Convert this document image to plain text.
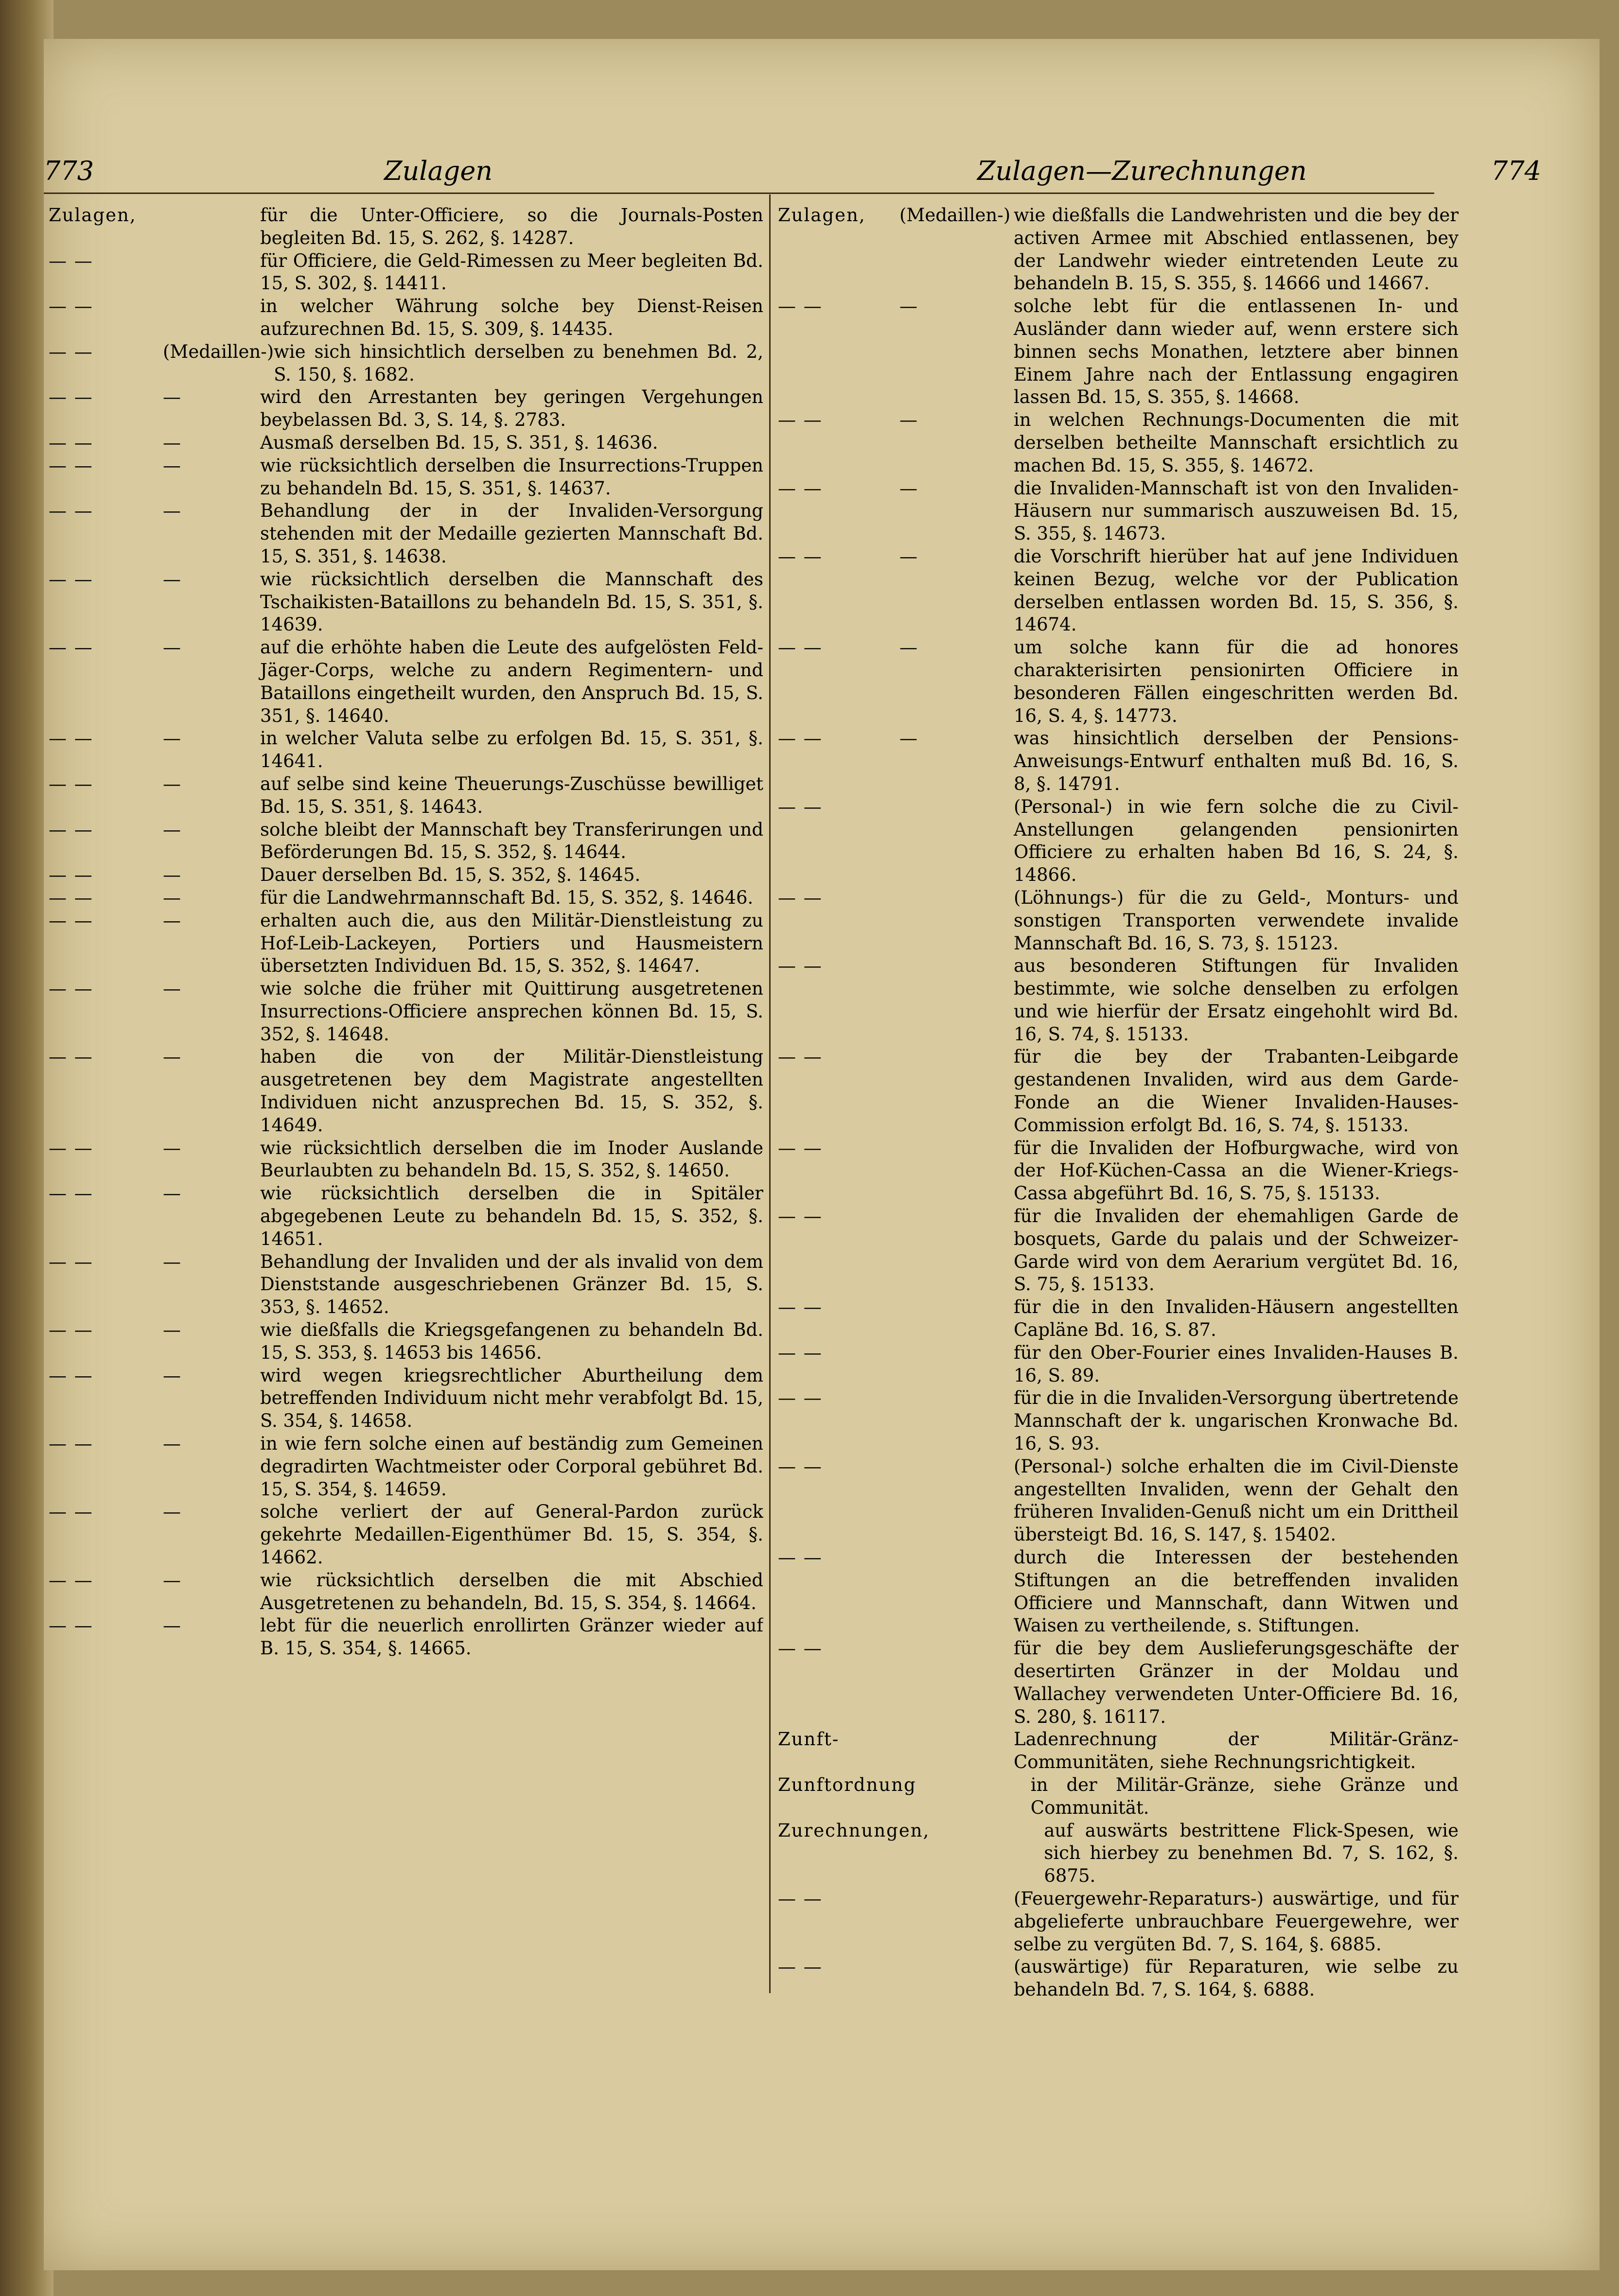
773	Zulagen	Zulagen—Zurechnungen	774
Zulagen,	für die Unter-Officiere, so die Journals-Posten begleiten Bd. 15, S. 262, §. 14287.
— —	für Officiere, die Geld-Rimessen zu Meer begleiten Bd. 15, S. 302, §. 14411.
— —	in welcher Währung solche bey Dienst-Reisen aufzurechnen Bd. 15, S. 309, §. 14435.
— —	(Medaillen-) wie sich hinsichtlich derselben zu benehmen Bd. 2, S. 150, §. 1682.
— —	—	wird den Arrestanten bey geringen Vergehungen beybelassen Bd. 3, S. 14, §. 2783.
— —	—	Ausmaß derselben Bd. 15, S. 351, §. 14636.
— —	—	wie rücksichtlich derselben die Insurrections-Truppen zu behandeln Bd. 15, S. 351, §. 14637.
— —	—	Behandlung der in der Invaliden-Versorgung stehenden mit der Medaille gezierten Mannschaft Bd. 15, S. 351, §. 14638.
— —	—	wie rücksichtlich derselben die Mannschaft des Tschaikisten-Bataillons zu behandeln Bd. 15, S. 351, §. 14639.
— —	—	auf die erhöhte haben die Leute des aufgelösten Feld-Jäger-Corps, welche zu andern Regimentern- und Bataillons eingetheilt wurden, den Anspruch Bd. 15, S. 351, §. 14640.
— —	—	in welcher Valuta selbe zu erfolgen Bd. 15, S. 351, §. 14641.
— —	—	auf selbe sind keine Theuerungs-Zuschüsse bewilliget Bd. 15, S. 351, §. 14643.
— —	—	solche bleibt der Mannschaft bey Transferirungen und Beförderungen Bd. 15, S. 352, §. 14644.
— —	—	Dauer derselben Bd. 15, S. 352, §. 14645.
— —	—	für die Landwehrmannschaft Bd. 15, S. 352, §. 14646.
— —	—	erhalten auch die, aus den Militär-Dienstleistung zu Hof-Leib-Lackeyen, Portiers und Hausmeistern übersetzten Individuen Bd. 15, S. 352, §. 14647.
— —	—	wie solche die früher mit Quittirung ausgetretenen Insurrections-Officiere ansprechen können Bd. 15, S. 352, §. 14648.
— —	—	haben die von der Militär-Dienstleistung ausgetretenen bey dem Magistrate angestellten Individuen nicht anzusprechen Bd. 15, S. 352, §. 14649.
— —	—	wie rücksichtlich derselben die im Inoder Auslande Beurlaubten zu behandeln Bd. 15, S. 352, §. 14650.
— —	—	wie rücksichtlich derselben die in Spitäler abgegebenen Leute zu behandeln Bd. 15, S. 352, §. 14651.
— —	—	Behandlung der Invaliden und der als invalid von dem Dienststande ausgeschriebenen Gränzer Bd. 15, S. 353, §. 14652.
— —	—	wie dießfalls die Kriegsgefangenen zu behandeln Bd. 15, S. 353, §. 14653 bis 14656.
— —	—	wird wegen kriegsrechtlicher Aburtheilung dem betreffenden Individuum nicht mehr verabfolgt Bd. 15, S. 354, §. 14658.
— —	—	in wie fern solche einen auf beständig zum Gemeinen degradirten Wachtmeister oder Corporal gebühret Bd. 15, S. 354, §. 14659.
— —	—	solche verliert der auf General-Pardon zurück gekehrte Medaillen-Eigenthümer Bd. 15, S. 354, §. 14662.
— —	—	wie rücksichtlich derselben die mit Abschied Ausgetretenen zu behandeln, Bd. 15, S. 354, §. 14664.
— —	—	lebt für die neuerlich enrollirten Gränzer wieder auf B. 15, S. 354, §. 14665.
Zulagen,	(Medaillen-) wie dießfalls die Landwehristen und die bey der activen Armee mit Abschied entlassenen, bey der Landwehr wieder eintretenden Leute zu behandeln B. 15, S. 355, §. 14666 und 14667.
— —	—	solche lebt für die entlassenen In- und Ausländer dann wieder auf, wenn erstere sich binnen sechs Monathen, letztere aber binnen Einem Jahre nach der Entlassung engagiren lassen Bd. 15, S. 355, §. 14668.
— —	—	in welchen Rechnungs-Documenten die mit derselben betheilte Mannschaft ersichtlich zu machen Bd. 15, S. 355, §. 14672.
— —	—	die Invaliden-Mannschaft ist von den Invaliden-Häusern nur summarisch auszuweisen Bd. 15, S. 355, §. 14673.
— —	—	die Vorschrift hierüber hat auf jene Individuen keinen Bezug, welche vor der Publication derselben entlassen worden Bd. 15, S. 356, §. 14674.
— —	—	um solche kann für die ad honores charakterisirten pensionirten Officiere in besonderen Fällen eingeschritten werden Bd. 16, S. 4, §. 14773.
— —	—	was hinsichtlich derselben der Pensions-Anweisungs-Entwurf enthalten muß Bd. 16, S. 8, §. 14791.
— —	(Personal-) in wie fern solche die zu Civil-Anstellungen gelangenden pensionirten Officiere zu erhalten haben Bd 16, S. 24, §. 14866.
— —	(Löhnungs-) für die zu Geld-, Monturs- und sonstigen Transporten verwendete invalide Mannschaft Bd. 16, S. 73, §. 15123.
— —	aus besonderen Stiftungen für Invaliden bestimmte, wie solche denselben zu erfolgen und wie hierfür der Ersatz eingehohlt wird Bd. 16, S. 74, §. 15133.
— —	für die bey der Trabanten-Leibgarde gestandenen Invaliden, wird aus dem Garde-Fonde an die Wiener Invaliden-Hauses-Commission erfolgt Bd. 16, S. 74, §. 15133.
— —	für die Invaliden der Hofburgwache, wird von der Hof-Küchen-Cassa an die Wiener-Kriegs-Cassa abgeführt Bd. 16, S. 75, §. 15133.
— —	für die Invaliden der ehemahligen Garde de bosquets, Garde du palais und der Schweizer-Garde wird von dem Aerarium vergütet Bd. 16, S. 75, §. 15133.
— —	für die in den Invaliden-Häusern angestellten Capläne Bd. 16, S. 87.
— —	für den Ober-Fourier eines Invaliden-Hauses B. 16, S. 89.
— —	für die in die Invaliden-Versorgung übertretende Mannschaft der k. ungarischen Kronwache Bd. 16, S. 93.
— —	(Personal-) solche erhalten die im Civil-Dienste angestellten Invaliden, wenn der Gehalt den früheren Invaliden-Genuß nicht um ein Drittheil übersteigt Bd. 16, S. 147, §. 15402.
— —	durch die Interessen der bestehenden Stiftungen an die betreffenden invaliden Officiere und Mannschaft, dann Witwen und Waisen zu vertheilende, s. Stiftungen.
— —	für die bey dem Auslieferungsgeschäfte der desertirten Gränzer in der Moldau und Wallachey verwendeten Unter-Officiere Bd. 16, S. 280, §. 16117.
Zunft-	Ladenrechnung der Militär-Gränz-Communitäten, siehe Rechnungsrichtigkeit.
Zunftordnung	in der Militär-Gränze, siehe Gränze und Communität.
Zurechnungen,	auf auswärts bestrittene Flick-Spesen, wie sich hierbey zu benehmen Bd. 7, S. 162, §. 6875.
— —	(Feuergewehr-Reparaturs-) auswärtige, und für abgelieferte unbrauchbare Feuergewehre, wer selbe zu vergüten Bd. 7, S. 164, §. 6885.
— —	(auswärtige) für Reparaturen, wie selbe zu behandeln Bd. 7, S. 164, §. 6888.
